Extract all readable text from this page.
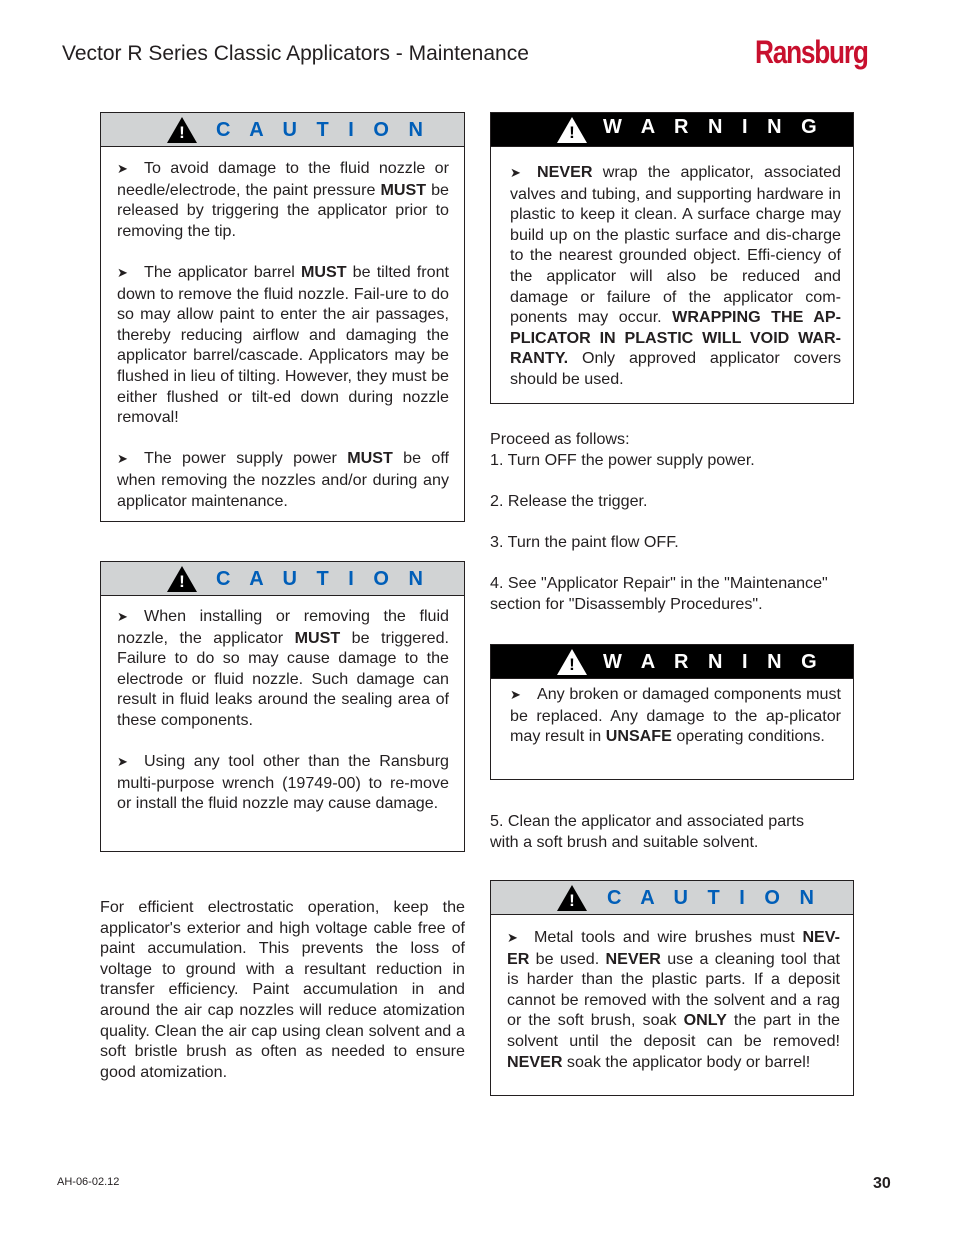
Vector R Series Classic Applicators - Maintenance	Ransburg
! C A U T I O N

➤ To avoid damage to the fluid nozzle or needle/electrode, the paint pressure MUST be released by triggering the applicator prior to removing the tip.

➤ The applicator barrel MUST be tilted front down to remove the fluid nozzle. Fail-ure to do so may allow paint to enter the air passages, thereby reducing airflow and damaging the applicator barrel/cascade. Applicators may be flushed in lieu of tilting. However, they must be either flushed or tilt-ed down during nozzle removal!

➤ The power supply power MUST be off when removing the nozzles and/or during any applicator maintenance.

! C A U T I O N

➤ When installing or removing the fluid nozzle, the applicator MUST be triggered. Failure to do so may cause damage to the electrode or fluid nozzle. Such damage can result in fluid leaks around the sealing area of these components.

➤ Using any tool other than the Ransburg multi-purpose wrench (19749-00) to re-move or install the fluid nozzle may cause damage.

For efficient electrostatic operation, keep the applicator's exterior and high voltage cable free of paint accumulation. This prevents the loss of voltage to ground with a resultant reduction in transfer efficiency. Paint accumulation in and around the air cap nozzles will reduce atomization quality. Clean the air cap using clean solvent and a soft bristle brush as often as needed to ensure good atomization.
! W A R N I N G

➤ NEVER wrap the applicator, associated valves and tubing, and supporting hardware in plastic to keep it clean. A surface charge may build up on the plastic surface and dis-charge to the nearest grounded object. Effi-ciency of the applicator will also be reduced and damage or failure of the applicator com-ponents may occur. WRAPPING THE AP-PLICATOR IN PLASTIC WILL VOID WAR-RANTY. Only approved applicator covers should be used.

Proceed as follows:
1. Turn OFF the power supply power.
2. Release the trigger.
3. Turn the paint flow OFF.
4. See "Applicator Repair" in the "Maintenance"
section for "Disassembly Procedures".
! W A R N I N G

➤ Any broken or damaged components must be replaced. Any damage to the ap-plicator may result in UNSAFE operating conditions.

5. Clean the applicator and associated parts
with a soft brush and suitable solvent.
! C A U T I O N

➤ Metal tools and wire brushes must NEV-ER be used. NEVER use a cleaning tool that is harder than the plastic parts. If a deposit cannot be removed with the solvent and a rag or the soft brush, soak ONLY the part in the solvent until the deposit can be removed! NEVER soak the applicator body or barrel!

AH-06-02.12	30
